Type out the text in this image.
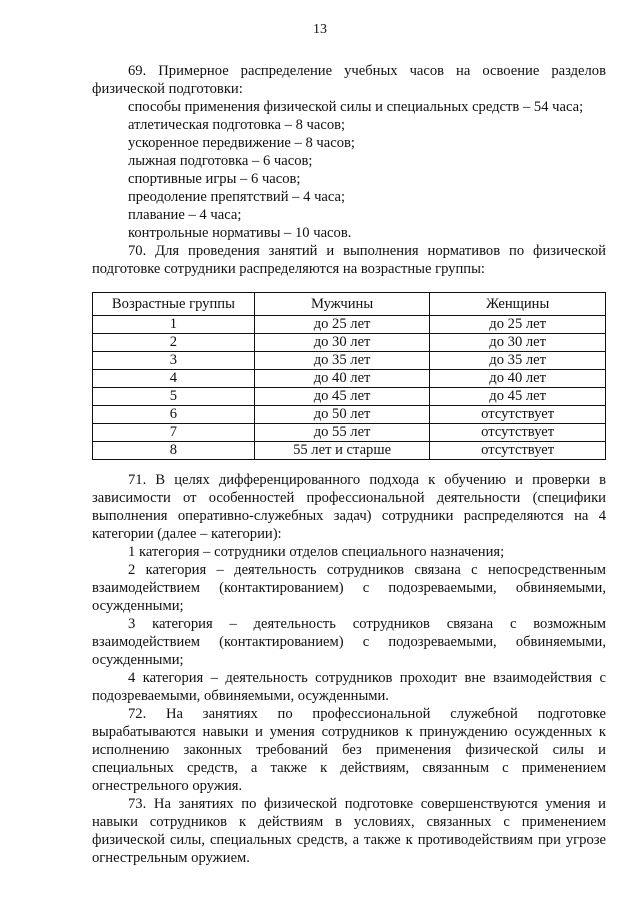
13

69. Примерное распределение учебных часов на освоение разделов физической подготовки:

способы применения физической силы и специальных средств – 54 часа;

атлетическая подготовка – 8 часов;

ускоренное передвижение – 8 часов;

лыжная подготовка – 6 часов;

спортивные игры – 6 часов;

преодоление препятствий – 4 часа;

плавание – 4 часа;

контрольные нормативы – 10 часов.

70. Для проведения занятий и выполнения нормативов по физической подготовке сотрудники распределяются на возрастные группы:

Возрастные группы	Мужчины	Женщины
1	до 25 лет	до 25 лет
2	до 30 лет	до 30 лет
3	до 35 лет	до 35 лет
4	до 40 лет	до 40 лет
5	до 45 лет	до 45 лет
6	до 50 лет	отсутствует
7	до 55 лет	отсутствует
8	55 лет и старше	отсутствует

71. В целях дифференцированного подхода к обучению и проверки в зависимости от особенностей профессиональной деятельности (специфики выполнения оперативно-служебных задач) сотрудники распределяются на 4 категории (далее – категории):

1 категория – сотрудники отделов специального назначения;

2 категория – деятельность сотрудников связана с непосредственным взаимодействием (контактированием) с подозреваемыми, обвиняемыми, осужденными;

3 категория – деятельность сотрудников связана с возможным взаимодействием (контактированием) с подозреваемыми, обвиняемыми, осужденными;

4 категория – деятельность сотрудников проходит вне взаимодействия с подозреваемыми, обвиняемыми, осужденными.

72. На занятиях по профессиональной служебной подготовке вырабатываются навыки и умения сотрудников к принуждению осужденных к исполнению законных требований без применения физической силы и специальных средств, а также к действиям, связанным с применением огнестрельного оружия.

73. На занятиях по физической подготовке совершенствуются умения и навыки сотрудников к действиям в условиях, связанных с применением физической силы, специальных средств, а также к противодействиям при угрозе огнестрельным оружием.
